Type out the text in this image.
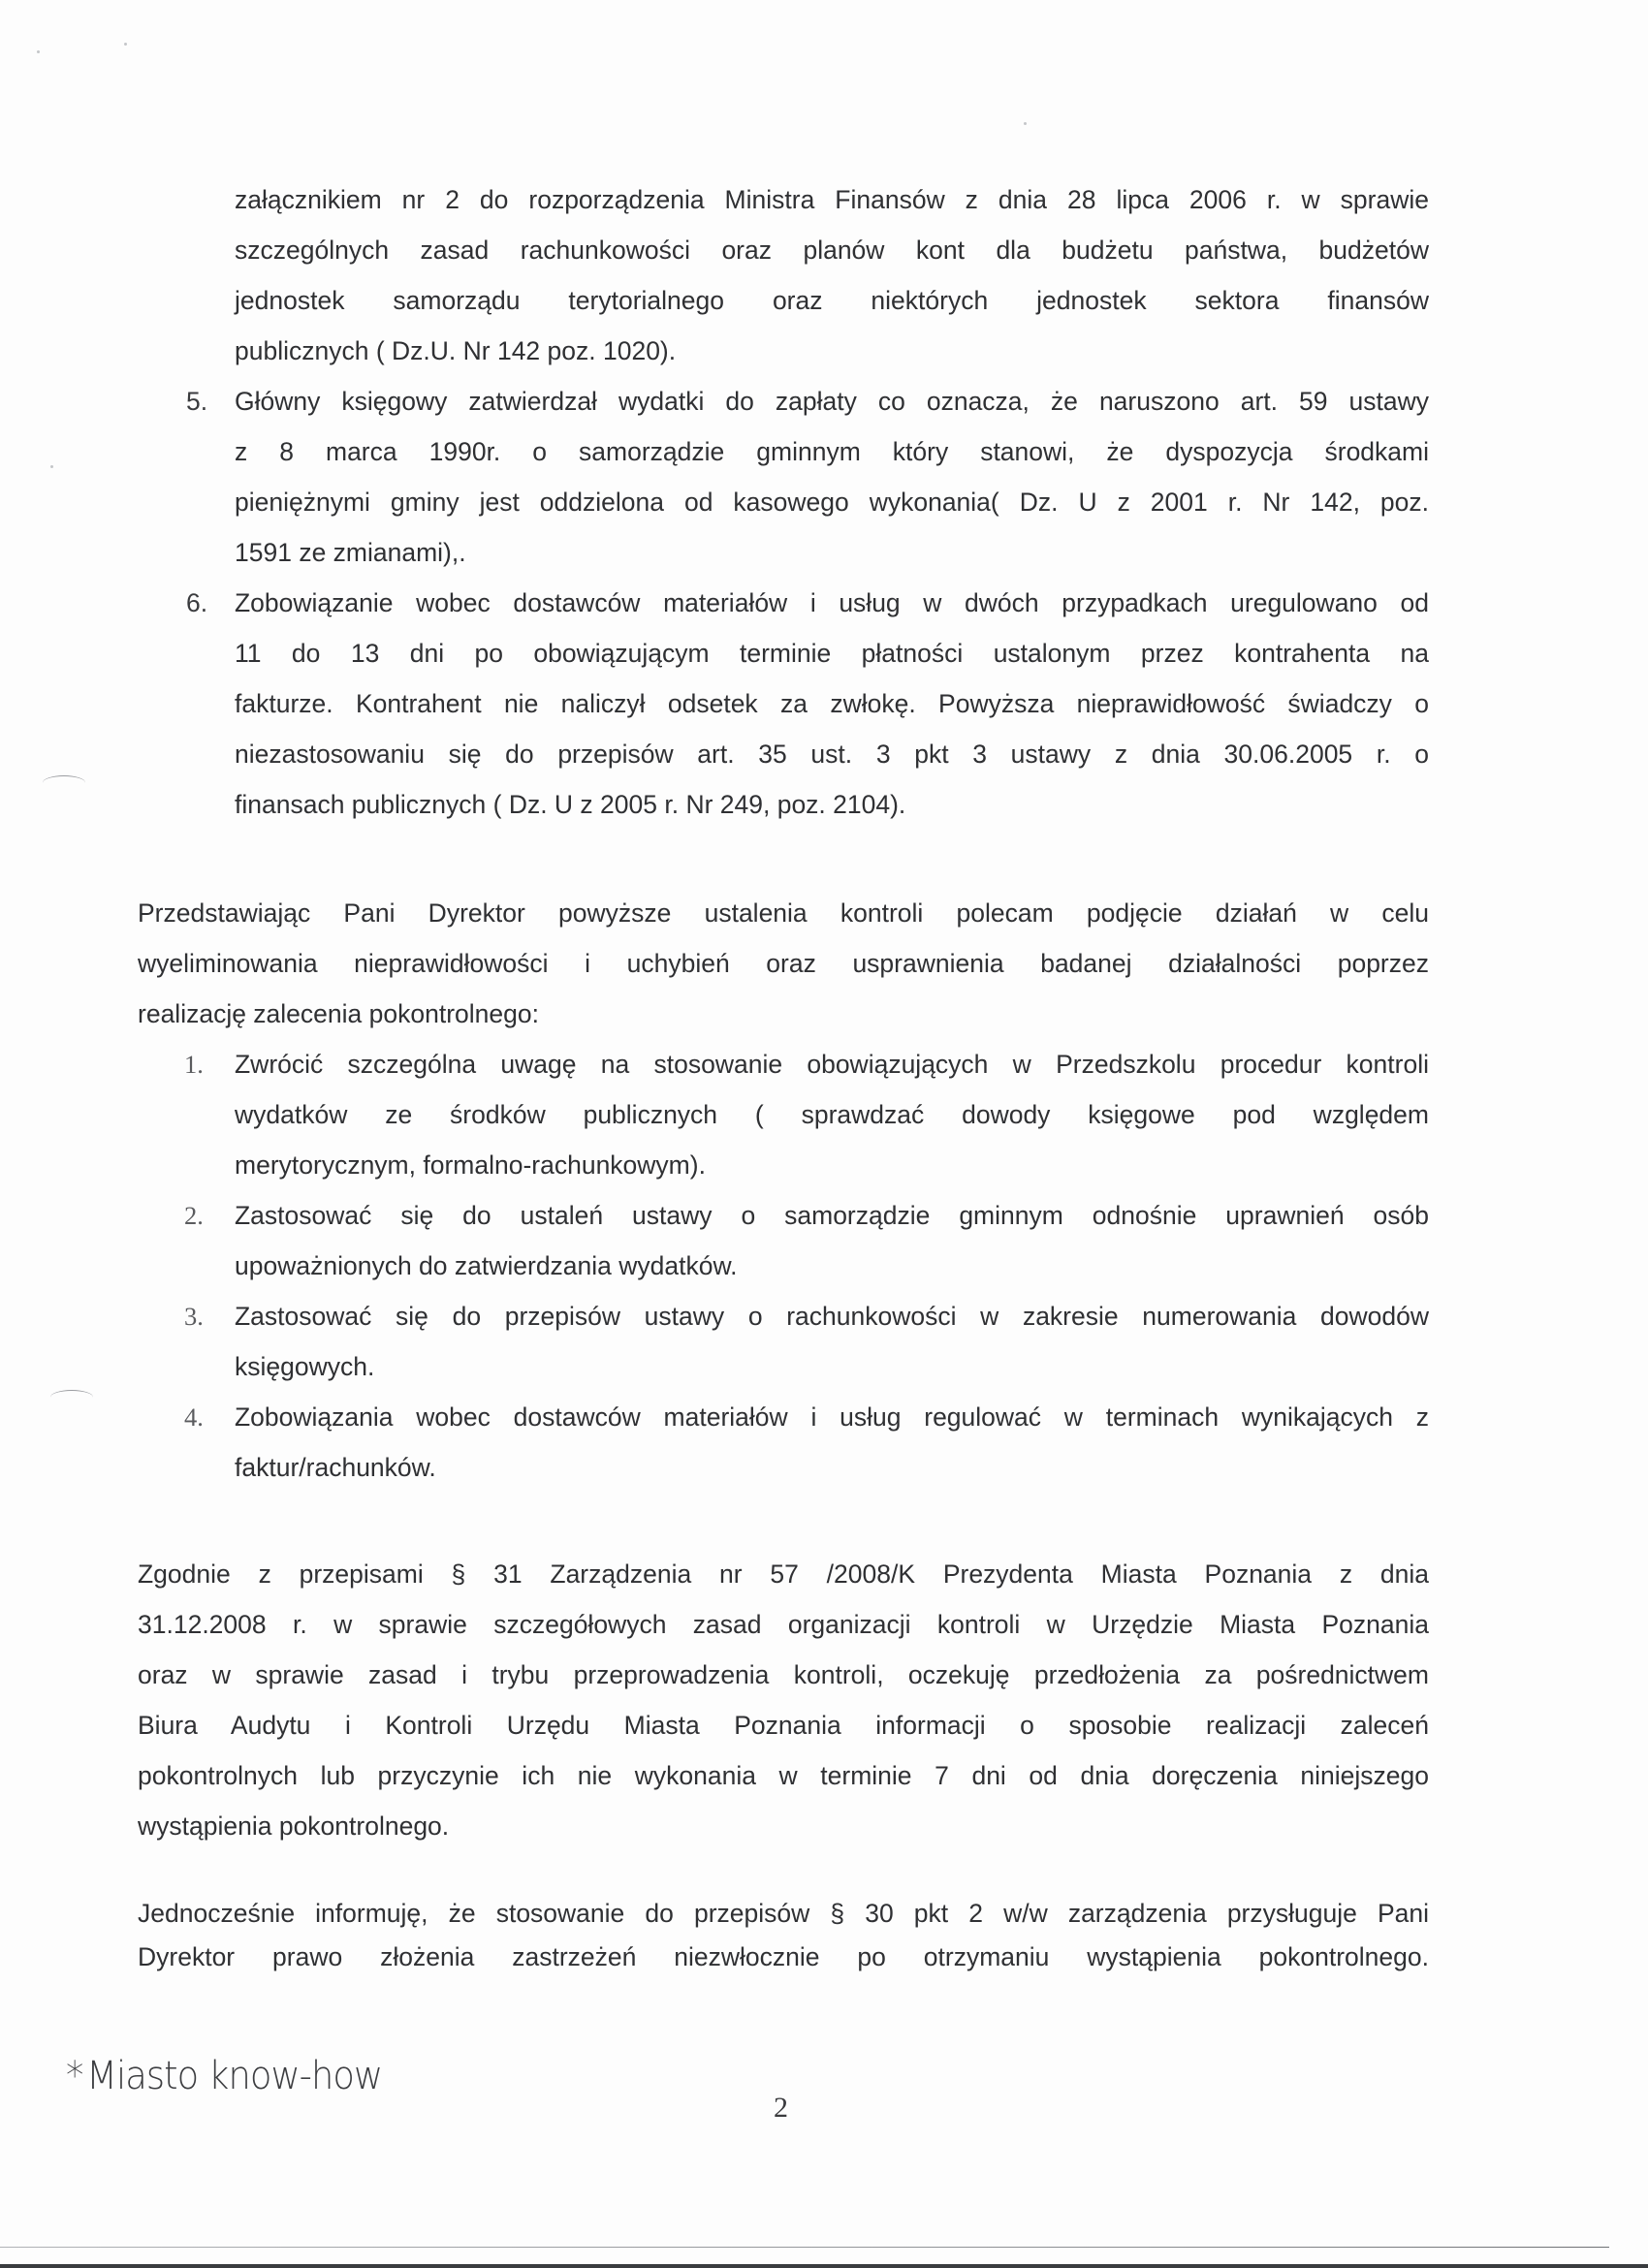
załącznikiem nr 2 do rozporządzenia Ministra Finansów z dnia 28 lipca 2006 r. w sprawie
szczególnych zasad rachunkowości oraz planów kont dla budżetu państwa, budżetów
jednostek samorządu terytorialnego oraz niektórych jednostek sektora finansów
publicznych ( Dz.U. Nr 142 poz. 1020).
5. Główny księgowy zatwierdzał wydatki do zapłaty co oznacza, że naruszono art. 59 ustawy
z 8 marca 1990r. o samorządzie gminnym który stanowi, że dyspozycja środkami
pieniężnymi gminy jest oddzielona od kasowego wykonania( Dz. U z 2001 r. Nr 142, poz.
1591 ze zmianami),.
6. Zobowiązanie wobec dostawców materiałów i usług w dwóch przypadkach uregulowano od
11 do 13 dni po obowiązującym terminie płatności ustalonym przez kontrahenta na
fakturze. Kontrahent nie naliczył odsetek za zwłokę. Powyższa nieprawidłowość świadczy o
niezastosowaniu się do przepisów art. 35 ust. 3 pkt 3 ustawy z dnia 30.06.2005 r. o
finansach publicznych ( Dz. U z 2005 r. Nr 249, poz. 2104).
Przedstawiając Pani Dyrektor powyższe ustalenia kontroli polecam podjęcie działań w celu
wyeliminowania nieprawidłowości i uchybień oraz usprawnienia badanej działalności poprzez
realizację zalecenia pokontrolnego:
1. Zwrócić szczególna uwagę na stosowanie obowiązujących w Przedszkolu procedur kontroli
wydatków ze środków publicznych ( sprawdzać dowody księgowe pod względem
merytorycznym, formalno-rachunkowym).
2. Zastosować się do ustaleń ustawy o samorządzie gminnym odnośnie uprawnień osób
upoważnionych do zatwierdzania wydatków.
3. Zastosować się do przepisów ustawy o rachunkowości w zakresie numerowania dowodów
księgowych.
4. Zobowiązania wobec dostawców materiałów i usług regulować w terminach wynikających z
faktur/rachunków.
Zgodnie z przepisami § 31 Zarządzenia nr 57 /2008/K Prezydenta Miasta Poznania z dnia
31.12.2008 r. w sprawie szczegółowych zasad organizacji kontroli w Urzędzie Miasta Poznania
oraz w sprawie zasad i trybu przeprowadzenia kontroli, oczekuję przedłożenia za pośrednictwem
Biura Audytu i Kontroli Urzędu Miasta Poznania informacji o sposobie realizacji zaleceń
pokontrolnych lub przyczynie ich nie wykonania w terminie 7 dni od dnia doręczenia niniejszego
wystąpienia pokontrolnego.
Jednocześnie informuję, że stosowanie do przepisów § 30 pkt 2 w/w zarządzenia przysługuje Pani
Dyrektor prawo złożenia zastrzeżeń niezwłocznie po otrzymaniu wystąpienia pokontrolnego.
*Miasto know-how
2
